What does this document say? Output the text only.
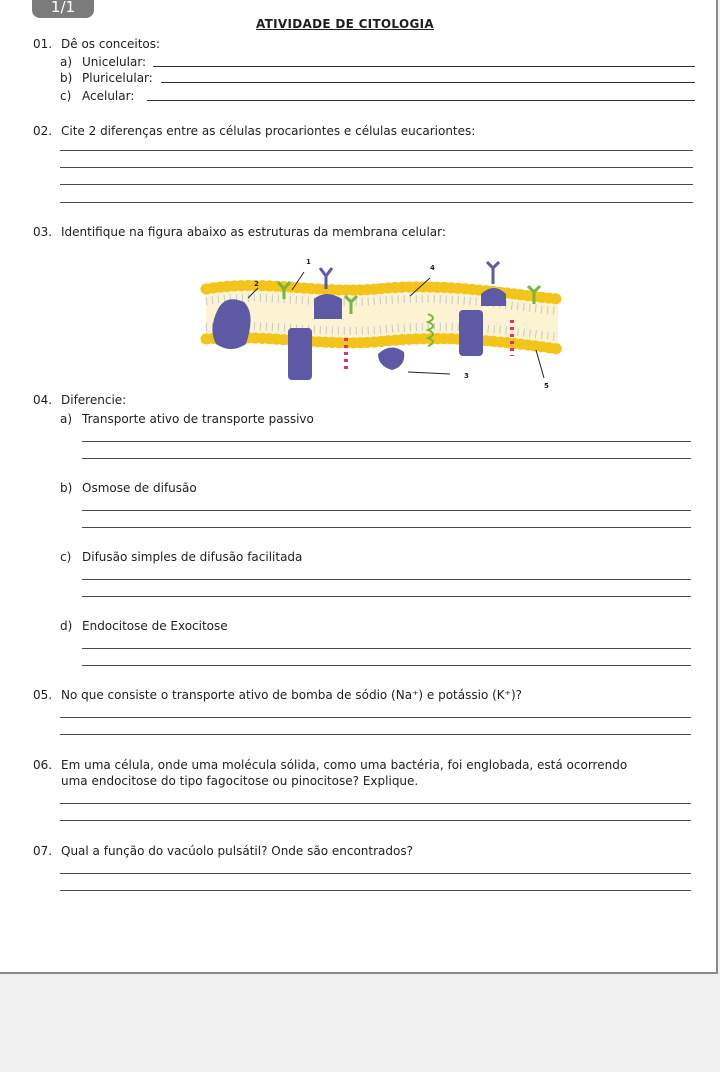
1/1
ATIVIDADE DE CITOLOGIA
01. Dê os conceitos:
a) Unicelular:
b) Pluricelular:
c) Acelular:
02. Cite 2 diferenças entre as células procariontes e células eucariontes:
03. Identifique na figura abaixo as estruturas da membrana celular:
1
2
3
4
5
04. Diferencie:
a) Transporte ativo de transporte passivo
b) Osmose de difusão
c) Difusão simples de difusão facilitada
d) Endocitose de Exocitose
05. No que consiste o transporte ativo de bomba de sódio (Na⁺) e potássio (K⁺)?
06. Em uma célula, onde uma molécula sólida, como uma bactéria, foi englobada, está ocorrendo
uma endocitose do tipo fagocitose ou pinocitose? Explique.
07. Qual a função do vacúolo pulsátil? Onde são encontrados?
